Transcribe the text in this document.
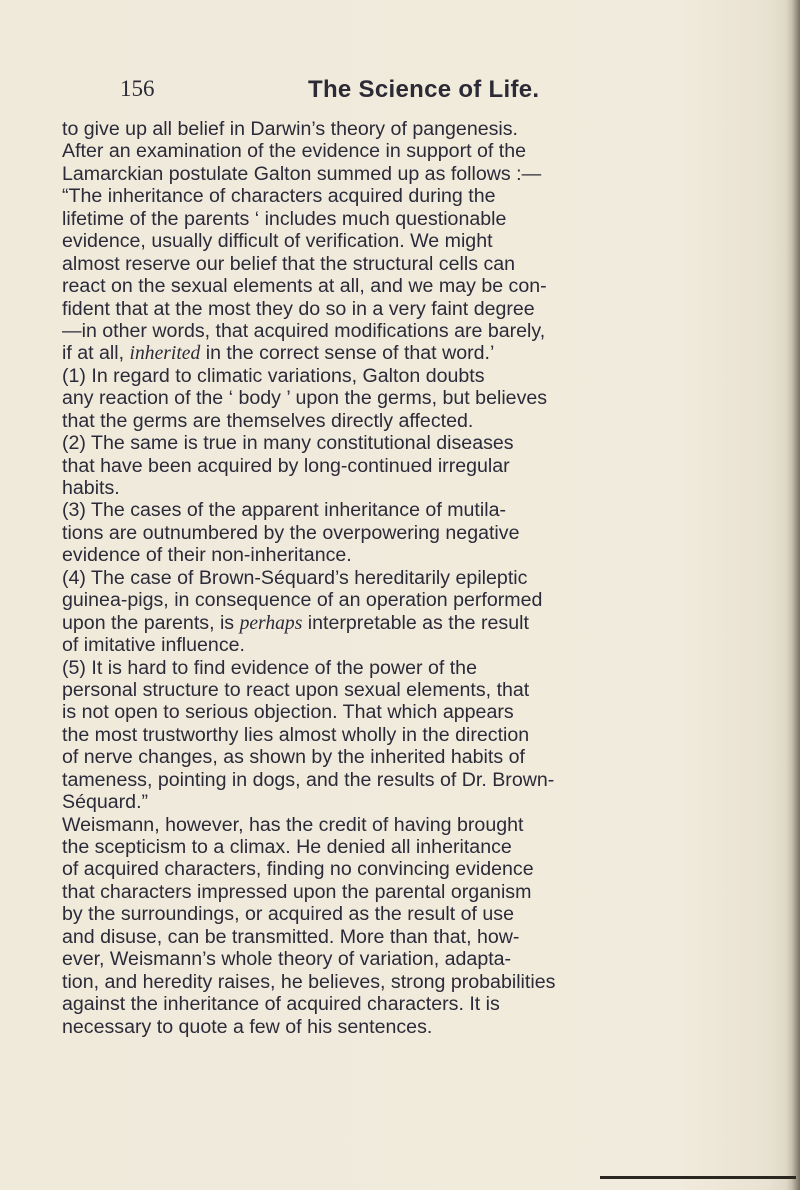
156	The Science of Life.
to give up all belief in Darwin’s theory of pangenesis.
After an examination of the evidence in support of the
Lamarckian postulate Galton summed up as follows :—
“The inheritance of characters acquired during the
lifetime of the parents ‘ includes much questionable
evidence, usually difficult of verification. We might
almost reserve our belief that the structural cells can
react on the sexual elements at all, and we may be con-
fident that at the most they do so in a very faint degree
—in other words, that acquired modifications are barely,
if at all, inherited in the correct sense of that word.’
(1) In regard to climatic variations, Galton doubts
any reaction of the ‘ body ’ upon the germs, but believes
that the germs are themselves directly affected.
(2) The same is true in many constitutional diseases
that have been acquired by long-continued irregular
habits.
(3) The cases of the apparent inheritance of mutila-
tions are outnumbered by the overpowering negative
evidence of their non-inheritance.
(4) The case of Brown-Séquard’s hereditarily epileptic
guinea-pigs, in consequence of an operation performed
upon the parents, is perhaps interpretable as the result
of imitative influence.
(5) It is hard to find evidence of the power of the
personal structure to react upon sexual elements, that
is not open to serious objection. That which appears
the most trustworthy lies almost wholly in the direction
of nerve changes, as shown by the inherited habits of
tameness, pointing in dogs, and the results of Dr. Brown-
Séquard.”
Weismann, however, has the credit of having brought
the scepticism to a climax. He denied all inheritance
of acquired characters, finding no convincing evidence
that characters impressed upon the parental organism
by the surroundings, or acquired as the result of use
and disuse, can be transmitted. More than that, how-
ever, Weismann’s whole theory of variation, adapta-
tion, and heredity raises, he believes, strong probabilities
against the inheritance of acquired characters. It is
necessary to quote a few of his sentences.
